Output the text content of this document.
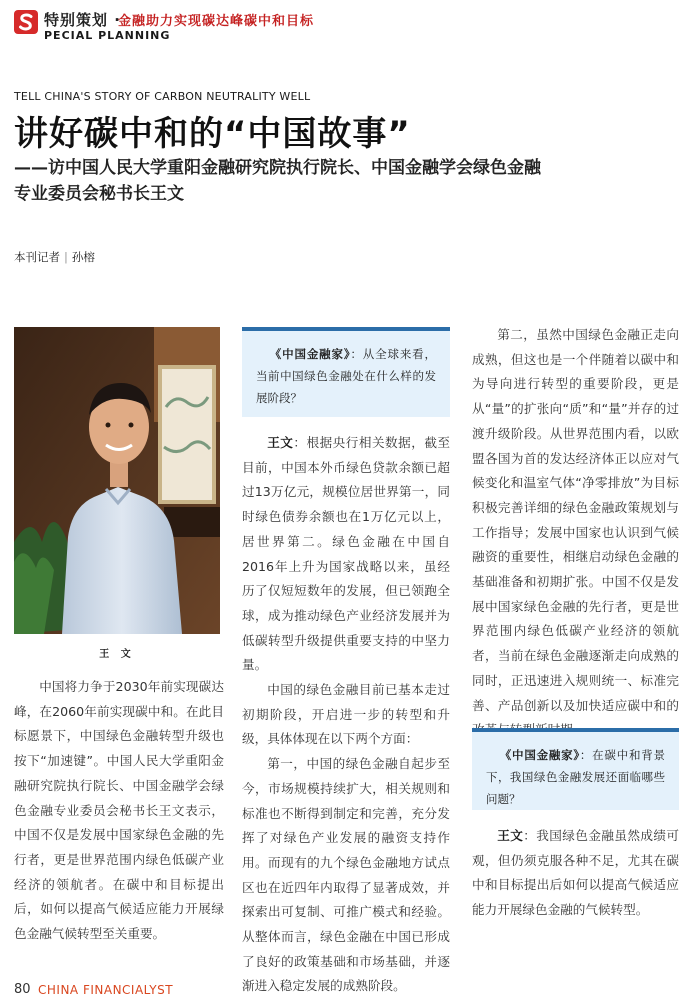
特别策划 ·
金融助力实现碳达峰碳中和目标
PECIAL PLANNING
TELL CHINA'S STORY OF CARBON NEUTRALITY WELL
讲好碳中和的“中国故事”
——访中国人民大学重阳金融研究院执行院长、中国金融学会绿色金融
专业委员会秘书长王文
本刊记者 | 孙榕
王 文

中国将力争于2030年前实现碳达峰，在2060年前实现碳中和。在此目标愿景下，中国绿色金融转型升级也按下“加速键”。中国人民大学重阳金融研究院执行院长、中国金融学会绿色金融专业委员会秘书长王文表示，中国不仅是发展中国家绿色金融的先行者，更是世界范围内绿色低碳产业经济的领航者。在碳中和目标提出后，如何以提高气候适应能力开展绿色金融气候转型至关重要。

《中国金融家》：从全球来看，当前中国绿色金融处在什么样的发展阶段？

王文：根据央行相关数据，截至目前，中国本外币绿色贷款余额已超过13万亿元，规模位居世界第一，同时绿色债券余额也在1万亿元以上，居世界第二。绿色金融在中国自2016年上升为国家战略以来，虽经历了仅短短数年的发展，但已领跑全球，成为推动绿色产业经济发展并为低碳转型升级提供重要支持的中坚力量。

中国的绿色金融目前已基本走过初期阶段，开启进一步的转型和升级，具体体现在以下两个方面：

第一，中国的绿色金融自起步至今，市场规模持续扩大，相关规则和标准也不断得到制定和完善，充分发挥了对绿色产业发展的融资支持作用。而现有的九个绿色金融地方试点区也在近四年内取得了显著成效，并探索出可复制、可推广模式和经验。从整体而言，绿色金融在中国已形成了良好的政策基础和市场基础，并逐渐进入稳定发展的成熟阶段。

第二，虽然中国绿色金融正走向成熟，但这也是一个伴随着以碳中和为导向进行转型的重要阶段，更是从“量”的扩张向“质”和“量”并存的过渡升级阶段。从世界范围内看，以欧盟各国为首的发达经济体正以应对气候变化和温室气体“净零排放”为目标积极完善详细的绿色金融政策规划与工作指导；发展中国家也认识到气候融资的重要性，相继启动绿色金融的基础准备和初期扩张。中国不仅是发展中国家绿色金融的先行者，更是世界范围内绿色低碳产业经济的领航者，当前在绿色金融逐渐走向成熟的同时，正迅速进入规则统一、标准完善、产品创新以及加快适应碳中和的

《中国金融家》：在碳中和背景下，我国绿色金融发展还面临哪些问题？

王文：我国绿色金融虽然成绩可观，但仍须克服各种不足，尤其在碳中和目标提出后如何以提高气候适应能力开展绿色金融的气候转型。

80 CHINA FINANCIALYST
